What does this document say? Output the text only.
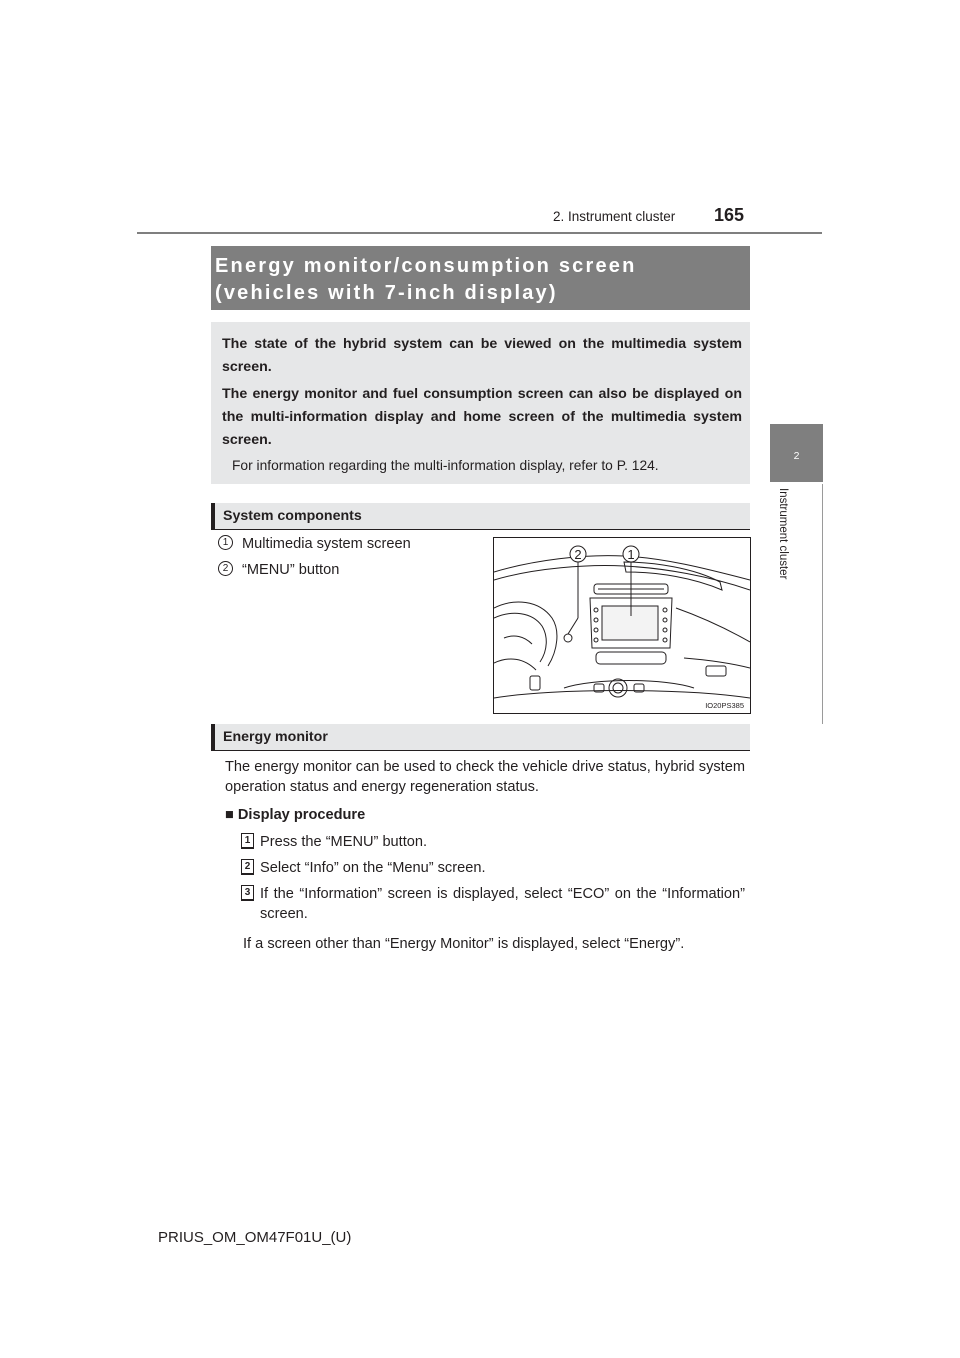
2. Instrument cluster 165
2
Instrument cluster
Energy monitor/consumption screen
(vehicles with 7-inch display)
The state of the hybrid system can be viewed on the multimedia system screen.
The energy monitor and fuel consumption screen can also be displayed on the multi-information display and home screen of the multimedia system screen.
For information regarding the multi-information display, refer to P. 124.
System components
1 Multimedia system screen
2 “MENU” button
2	1
IO20PS385
Energy monitor
The energy monitor can be used to check the vehicle drive status, hybrid system operation status and energy regeneration status.
■ Display procedure
1 Press the “MENU” button.
2 Select “Info” on the “Menu” screen.
3 If the “Information” screen is displayed, select “ECO” on the “Information” screen.
If a screen other than “Energy Monitor” is displayed, select “Energy”.
PRIUS_OM_OM47F01U_(U)
